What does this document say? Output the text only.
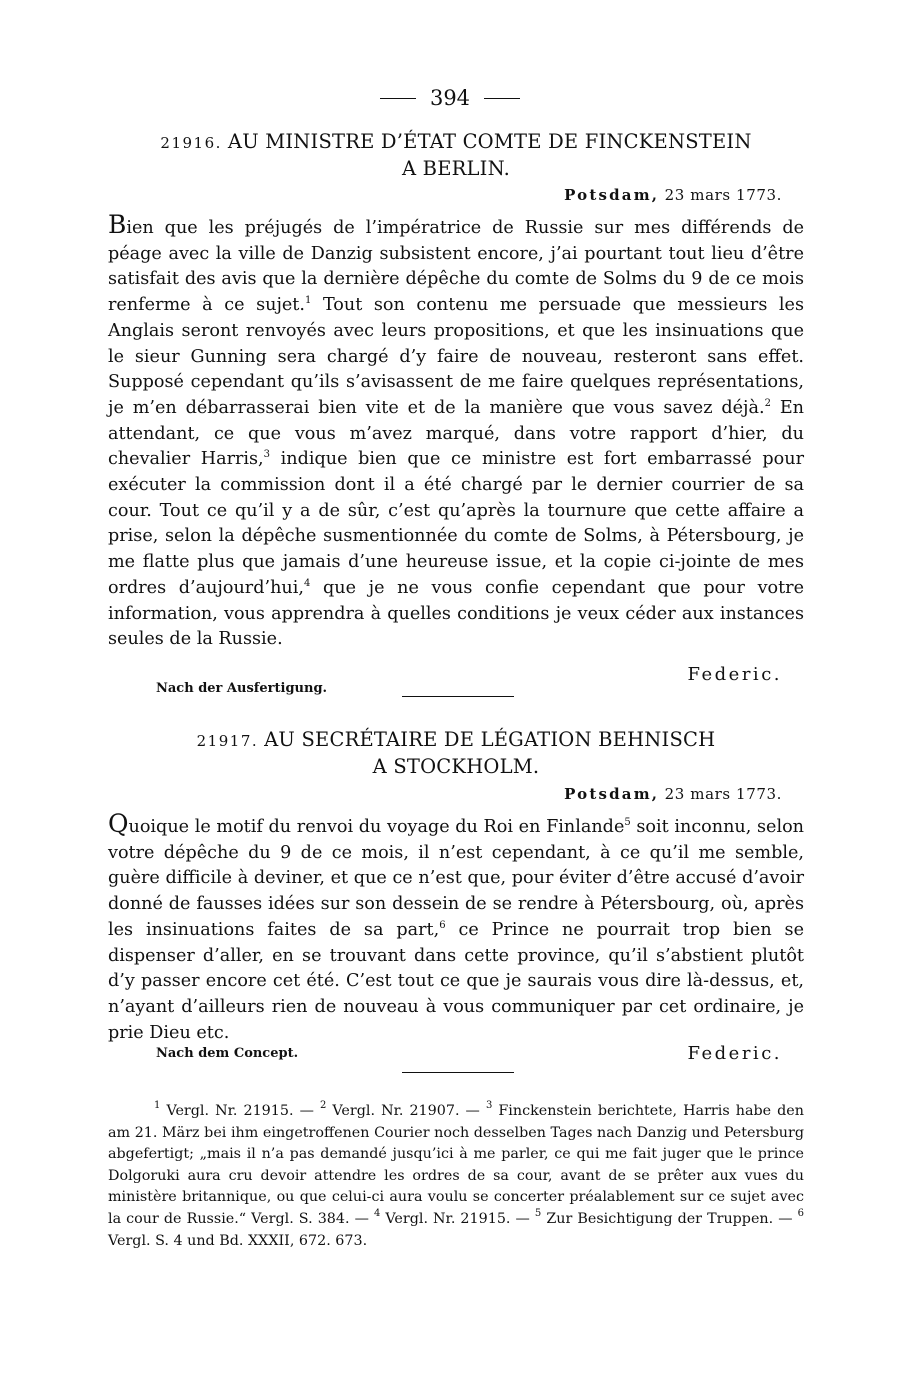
394
21916. AU MINISTRE D’ÉTAT COMTE DE FINCKENSTEIN
A BERLIN.
Potsdam, 23 mars 1773.

Bien que les préjugés de l’impératrice de Russie sur mes différends de péage avec la ville de Danzig subsistent encore, j’ai pourtant tout lieu d’être satisfait des avis que la dernière dépêche du comte de Solms du 9 de ce mois renferme à ce sujet.$^1$ Tout son contenu me persuade que messieurs les Anglais seront renvoyés avec leurs propositions, et que les insinuations que le sieur Gunning sera chargé d’y faire de nouveau, resteront sans effet. Supposé cependant qu’ils s’avisassent de me faire quelques représentations, je m’en débarrasserai bien vite et de la manière que vous savez déjà.$^2$ En attendant, ce que vous m’avez marqué, dans votre rapport d’hier, du chevalier Harris,$^3$ indique bien que ce ministre est fort embarrassé pour exécuter la commission dont il a été chargé par le dernier courrier de sa cour. Tout ce qu’il y a de sûr, c’est qu’après la tournure que cette affaire a prise, selon la dépêche susmentionnée du comte de Solms, à Pétersbourg, je me flatte plus que jamais d’une heureuse issue, et la copie ci-jointe de mes ordres d’aujourd’hui,$^4$ que je ne vous confie cependant que pour votre information, vous apprendra à quelles conditions je veux céder aux instances seules de la Russie.

Federic.
Nach der Ausfertigung.
21917. AU SECRÉTAIRE DE LÉGATION BEHNISCH
A STOCKHOLM.
Potsdam, 23 mars 1773.

Quoique le motif du renvoi du voyage du Roi en Finlande$^5$ soit inconnu, selon votre dépêche du 9 de ce mois, il n’est cependant, à ce qu’il me semble, guère difficile à deviner, et que ce n’est que, pour éviter d’être accusé d’avoir donné de fausses idées sur son dessein de se rendre à Pétersbourg, où, après les insinuations faites de sa part,$^6$ ce Prince ne pourrait trop bien se dispenser d’aller, en se trouvant dans cette province, qu’il s’abstient plutôt d’y passer encore cet été. C’est tout ce que je saurais vous dire là-dessus, et, n’ayant d’ailleurs rien de nouveau à vous communiquer par cet ordinaire, je prie Dieu etc.

Nach dem Concept.	Federic.

$^1$ Vergl. Nr. 21915. — $^2$ Vergl. Nr. 21907. — $^3$ Finckenstein berichtete, Harris habe den am 21. März bei ihm eingetroffenen Courier noch desselben Tages nach Danzig und Petersburg abgefertigt; „mais il n’a pas demandé jusqu’ici à me parler, ce qui me fait juger que le prince Dolgoruki aura cru devoir attendre les ordres de sa cour, avant de se prêter aux vues du ministère britannique, ou que celui-ci aura voulu se concerter préalablement sur ce sujet avec la cour de Russie.“ Vergl. S. 384. — $^4$ Vergl. Nr. 21915. — $^5$ Zur Besichtigung der Truppen. — $^6$ Vergl. S. 4 und Bd. XXXII, 672. 673.
